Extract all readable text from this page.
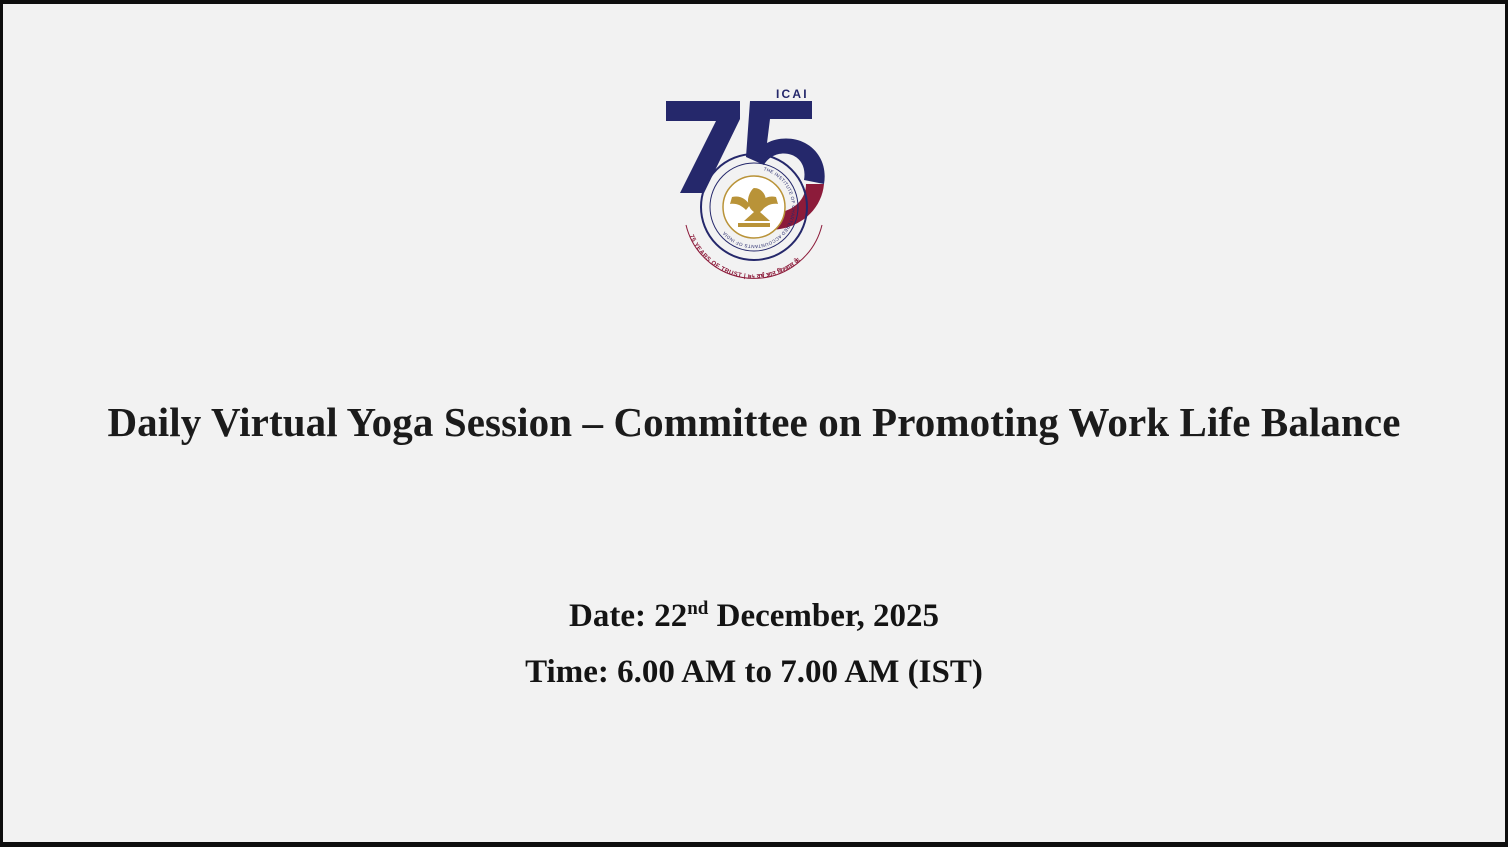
ICAI
THE INSTITUTE OF CHARTERED ACCOUNTANTS OF INDIA
75 YEARS OF TRUST | ७५ वर्ष ज्ञान विश्वास के
Daily Virtual Yoga Session – Committee on Promoting Work Life Balance
Date: 22nd December, 2025
Time: 6.00 AM to 7.00 AM (IST)
